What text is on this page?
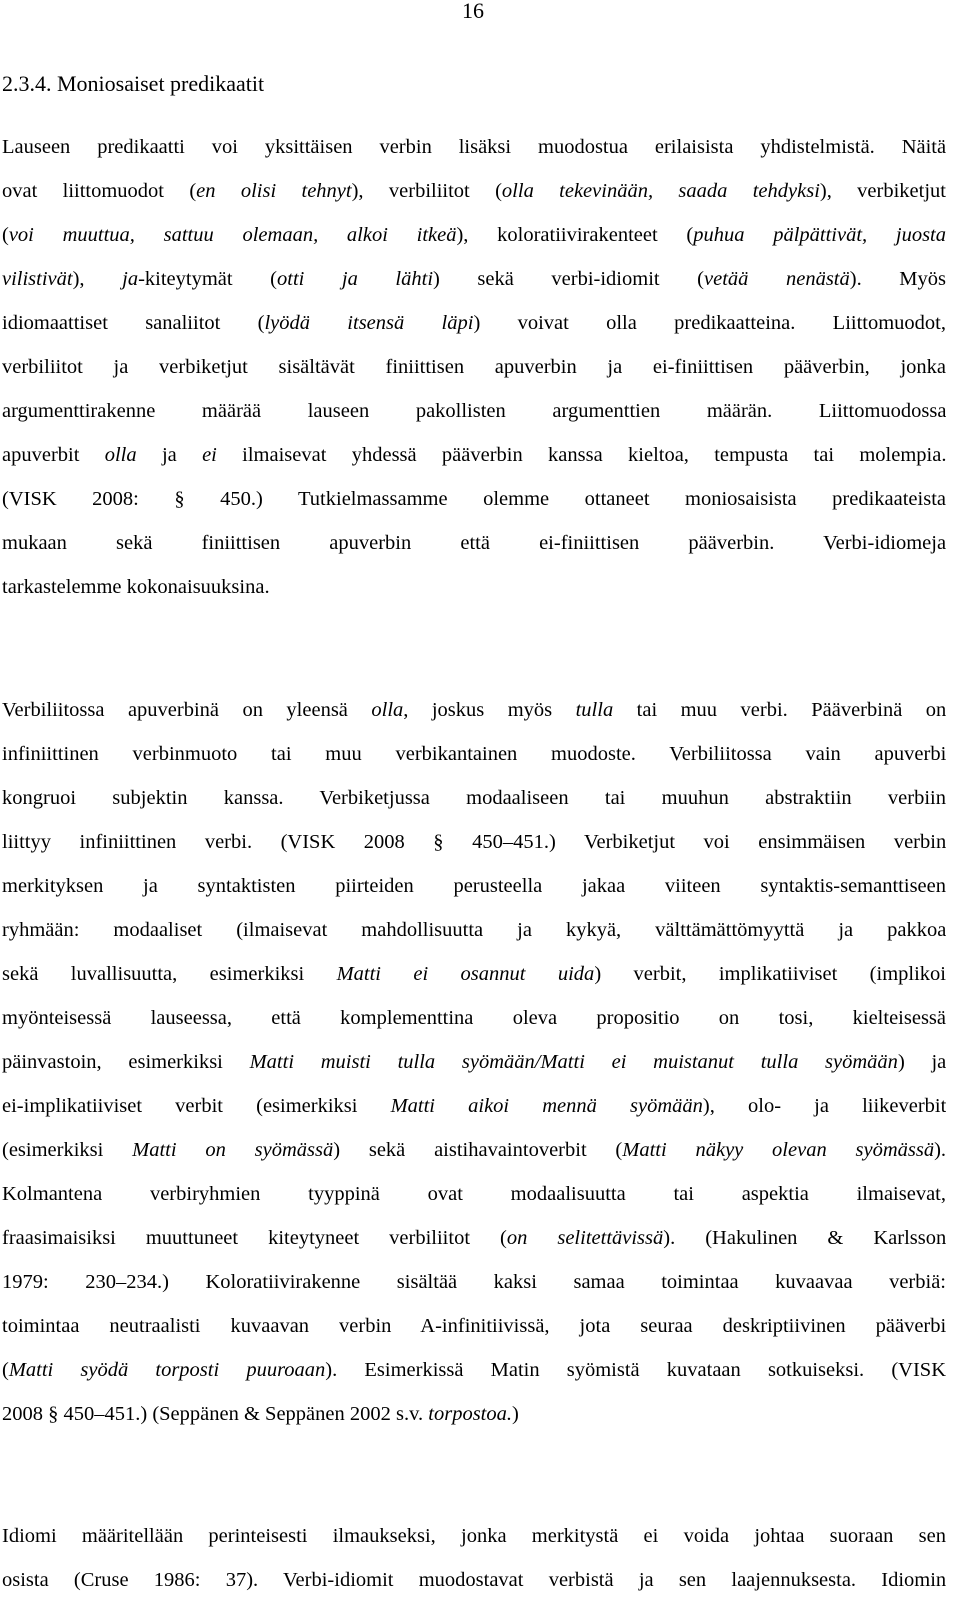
16
2.3.4. Moniosaiset predikaatit
Lauseen predikaatti voi yksittäisen verbin lisäksi muodostua erilaisista yhdistelmistä. Näitä
ovat liittomuodot (en olisi tehnyt), verbiliitot (olla tekevinään, saada tehdyksi), verbiketjut
(voi muuttua, sattuu olemaan, alkoi itkeä), koloratiivirakenteet (puhua pälpättivät, juosta
vilistivät), ja-kiteytymät (otti ja lähti) sekä verbi-idiomit (vetää nenästä). Myös
idiomaattiset sanaliitot (lyödä itsensä läpi) voivat olla predikaatteina. Liittomuodot,
verbiliitot ja verbiketjut sisältävät finiittisen apuverbin ja ei-finiittisen pääverbin, jonka
argumenttirakenne määrää lauseen pakollisten argumenttien määrän. Liittomuodossa
apuverbit olla ja ei ilmaisevat yhdessä pääverbin kanssa kieltoa, tempusta tai molempia.
(VISK 2008: § 450.) Tutkielmassamme olemme ottaneet moniosaisista predikaateista
mukaan sekä finiittisen apuverbin että ei-finiittisen pääverbin. Verbi-idiomeja
tarkastelemme kokonaisuuksina.
Verbiliitossa apuverbinä on yleensä olla, joskus myös tulla tai muu verbi. Pääverbinä on
infiniittinen verbinmuoto tai muu verbikantainen muodoste. Verbiliitossa vain apuverbi
kongruoi subjektin kanssa. Verbiketjussa modaaliseen tai muuhun abstraktiin verbiin
liittyy infiniittinen verbi. (VISK 2008 § 450–451.) Verbiketjut voi ensimmäisen verbin
merkityksen ja syntaktisten piirteiden perusteella jakaa viiteen syntaktis-semanttiseen
ryhmään: modaaliset (ilmaisevat mahdollisuutta ja kykyä, välttämättömyyttä ja pakkoa
sekä luvallisuutta, esimerkiksi Matti ei osannut uida) verbit, implikatiiviset (implikoi
myönteisessä lauseessa, että komplementtina oleva propositio on tosi, kielteisessä
päinvastoin, esimerkiksi Matti muisti tulla syömään/Matti ei muistanut tulla syömään) ja
ei-implikatiiviset verbit (esimerkiksi Matti aikoi mennä syömään), olo- ja liikeverbit
(esimerkiksi Matti on syömässä) sekä aistihavaintoverbit (Matti näkyy olevan syömässä).
Kolmantena verbiryhmien tyyppinä ovat modaalisuutta tai aspektia ilmaisevat,
fraasimaisiksi muuttuneet kiteytyneet verbiliitot (on selitettävissä). (Hakulinen & Karlsson
1979: 230–234.) Koloratiivirakenne sisältää kaksi samaa toimintaa kuvaavaa verbiä:
toimintaa neutraalisti kuvaavan verbin A-infinitiivissä, jota seuraa deskriptiivinen pääverbi
(Matti syödä torposti puuroaan). Esimerkissä Matin syömistä kuvataan sotkuiseksi. (VISK
2008 § 450–451.) (Seppänen & Seppänen 2002 s.v. torpostoa.)
Idiomi määritellään perinteisesti ilmaukseksi, jonka merkitystä ei voida johtaa suoraan sen
osista (Cruse 1986: 37). Verbi-idiomit muodostavat verbistä ja sen laajennuksesta. Idiomin
